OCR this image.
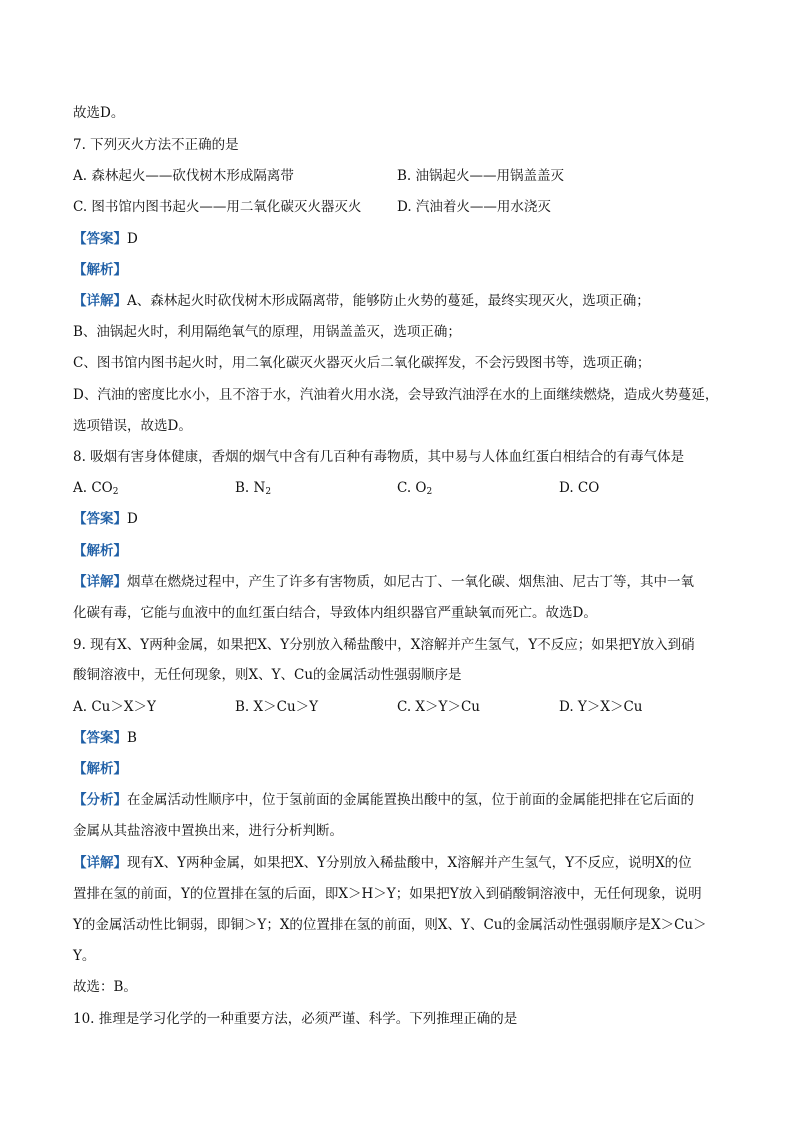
故选D。
7. 下列灭火方法不正确的是
A. 森林起火——砍伐树木形成隔离带	B. 油锅起火——用锅盖盖灭
C. 图书馆内图书起火——用二氧化碳灭火器灭火	D. 汽油着火——用水浇灭
【答案】D
【解析】
【详解】A、森林起火时砍伐树木形成隔离带，能够防止火势的蔓延，最终实现灭火，选项正确；
B、油锅起火时，利用隔绝氧气的原理，用锅盖盖灭，选项正确；
C、图书馆内图书起火时，用二氧化碳灭火器灭火后二氧化碳挥发，不会污毁图书等，选项正确；
D、汽油的密度比水小，且不溶于水，汽油着火用水浇，会导致汽油浮在水的上面继续燃烧，造成火势蔓延，
选项错误，故选D。
8. 吸烟有害身体健康，香烟的烟气中含有几百种有毒物质，其中易与人体血红蛋白相结合的有毒气体是
A. $CO_2$	B. $N_2$	C. $O_2$	D. CO
【答案】D
【解析】
【详解】烟草在燃烧过程中，产生了许多有害物质，如尼古丁、一氧化碳、烟焦油、尼古丁等，其中一氧
化碳有毒，它能与血液中的血红蛋白结合，导致体内组织器官严重缺氧而死亡。故选D。
9. 现有X、Y两种金属，如果把X、Y分别放入稀盐酸中，X溶解并产生氢气，Y不反应；如果把Y放入到硝
酸铜溶液中，无任何现象，则X、Y、Cu的金属活动性强弱顺序是
A. Cu＞X＞Y	B. X＞Cu＞Y	C. X＞Y＞Cu	D. Y＞X＞Cu
【答案】B
【解析】
【分析】在金属活动性顺序中，位于氢前面的金属能置换出酸中的氢，位于前面的金属能把排在它后面的
金属从其盐溶液中置换出来，进行分析判断。
【详解】现有X、Y两种金属，如果把X、Y分别放入稀盐酸中，X溶解并产生氢气，Y不反应，说明X的位
置排在氢的前面，Y的位置排在氢的后面，即X＞H＞Y；如果把Y放入到硝酸铜溶液中，无任何现象，说明
Y的金属活动性比铜弱，即铜＞Y；X的位置排在氢的前面，则X、Y、Cu的金属活动性强弱顺序是X＞Cu＞
Y。
故选：B。
10. 推理是学习化学的一种重要方法，必须严谨、科学。下列推理正确的是
